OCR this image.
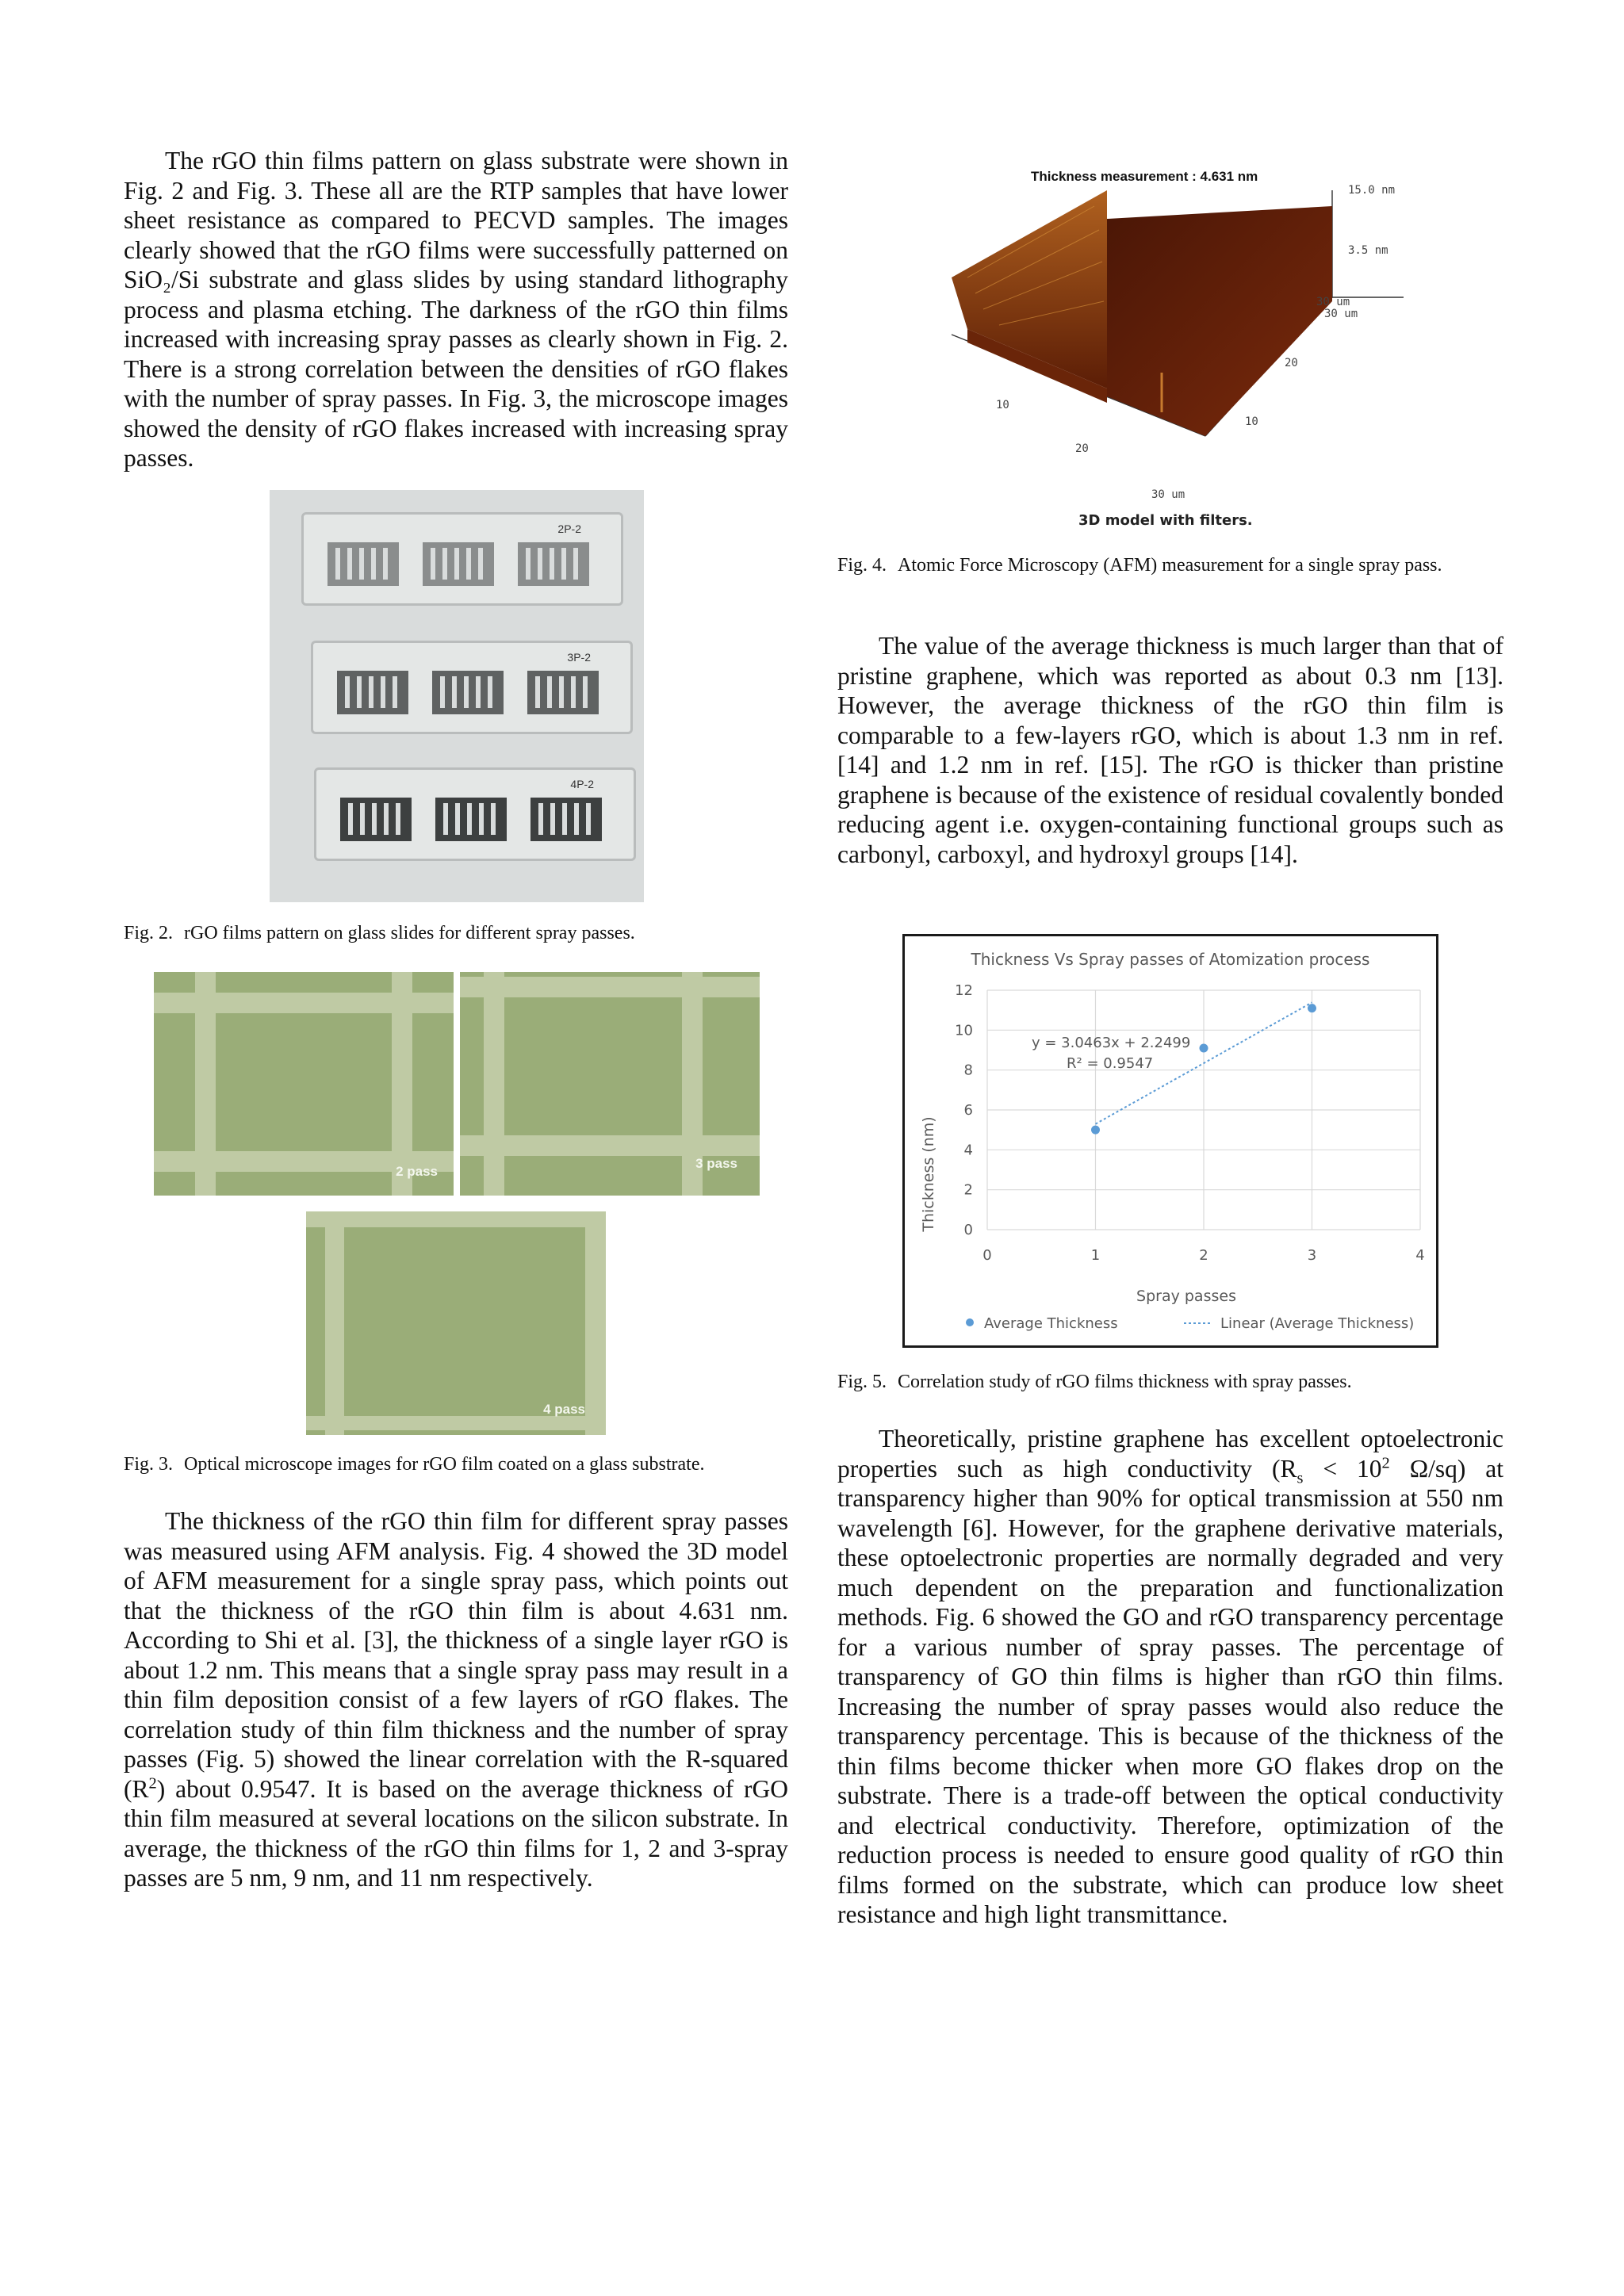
The rGO thin films pattern on glass substrate were shown in Fig. 2 and Fig. 3. These all are the RTP samples that have lower sheet resistance as compared to PECVD samples. The images clearly showed that the rGO films were successfully patterned on SiO₂/Si substrate and glass slides by using standard lithography process and plasma etching. The darkness of the rGO thin films increased with increasing spray passes as clearly shown in Fig. 2. There is a strong correlation between the densities of rGO flakes with the number of spray passes. In Fig. 3, the microscope images showed the density of rGO flakes increased with increasing spray passes.

2P-2
3P-2
4P-2

Fig. 2. rGO films pattern on glass slides for different spray passes.

2 pass
3 pass
4 pass

Fig. 3. Optical microscope images for rGO film coated on a glass substrate.

The thickness of the rGO thin film for different spray passes was measured using AFM analysis. Fig. 4 showed the 3D model of AFM measurement for a single spray pass, which points out that the thickness of the rGO thin film is about 4.631 nm. According to Shi et al. [3], the thickness of a single layer rGO is about 1.2 nm. This means that a single spray pass may result in a thin film deposition consist of a few layers of rGO flakes. The correlation study of thin film thickness and the number of spray passes (Fig. 5) showed the linear correlation with the R-squared $(R^2)$ about 0.9547. It is based on the average thickness of rGO thin film measured at several locations on the silicon substrate. In average, the thickness of the rGO thin films for 1, 2 and 3-spray passes are 5 nm, 9 nm, and 11 nm respectively.

Thickness measurement : 4.631 nm
15.0 nm
3.5 nm
30 um
30 um
20
10
10
20
30 um
3D model with filters.

Fig. 4. Atomic Force Microscopy (AFM) measurement for a single spray pass.

The value of the average thickness is much larger than that of pristine graphene, which was reported as about 0.3 nm [13]. However, the average thickness of the rGO thin film is comparable to a few-layers rGO, which is about 1.3 nm in ref. [14] and 1.2 nm in ref. [15]. The rGO is thicker than pristine graphene is because of the existence of residual covalently bonded reducing agent i.e. oxygen-containing functional groups such as carbonyl, carboxyl, and hydroxyl groups [14].

Thickness Vs Spray passes of Atomization process
0
2
4
6
8
10
12
0	1	2	3	4
y = 3.0463x + 2.2499
R² = 0.9547
Thickness (nm)
Spray passes
Average Thickness	Linear (Average Thickness)

Fig. 5. Correlation study of rGO films thickness with spray passes.

Theoretically, pristine graphene has excellent optoelectronic properties such as high conductivity ($R_s < 10^2$ Ω/sq) at transparency higher than 90% for optical transmission at 550 nm wavelength [6]. However, for the graphene derivative materials, these optoelectronic properties are normally degraded and very much dependent on the preparation and functionalization methods. Fig. 6 showed the GO and rGO transparency percentage for a various number of spray passes. The percentage of transparency of GO thin films is higher than rGO thin films. Increasing the number of spray passes would also reduce the transparency percentage. This is because of the thickness of the thin films become thicker when more GO flakes drop on the substrate. There is a trade-off between the optical conductivity and electrical conductivity. Therefore, optimization of the reduction process is needed to ensure good quality of rGO thin films formed on the substrate, which can produce low sheet resistance and high light transmittance.
